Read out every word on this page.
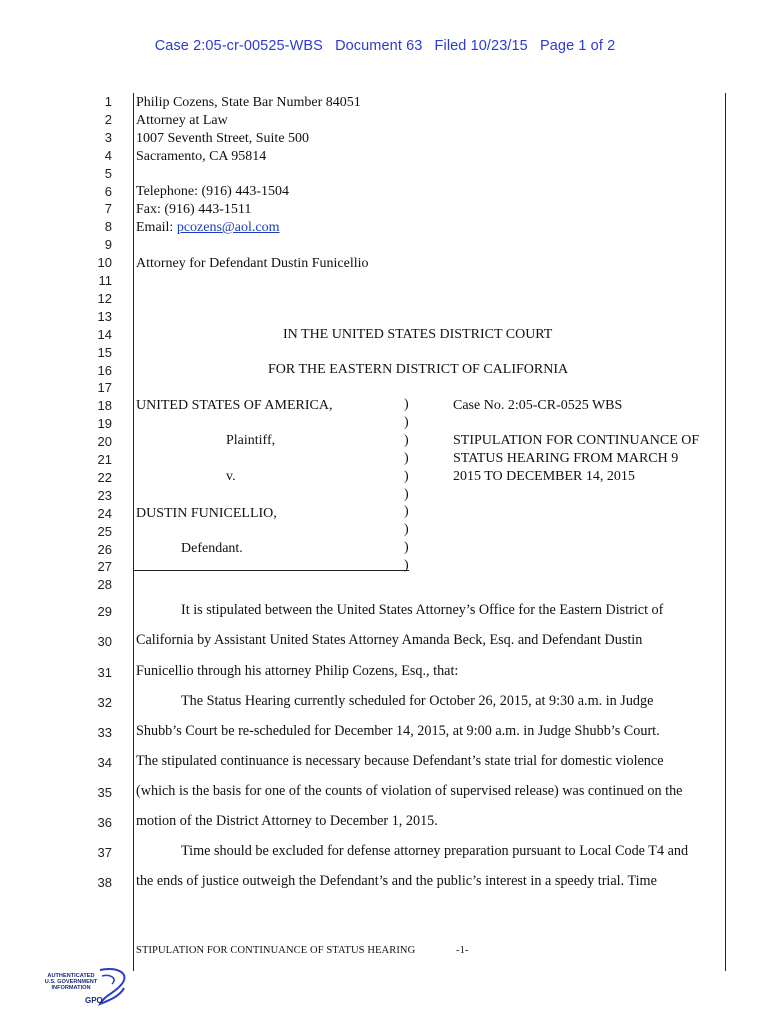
Case 2:05-cr-00525-WBS Document 63 Filed 10/23/15 Page 1 of 2
1
2
3
4
5
6
7
8
9
10
11
12
13
14
15
16
17
18
19
20
21
22
23
24
25
26
27
28
29
30
31
32
33
34
35
36
37
38
Philip Cozens, State Bar Number 84051
Attorney at Law
1007 Seventh Street, Suite 500
Sacramento, CA 95814
Telephone: (916) 443-1504
Fax: (916) 443-1511
Email: pcozens@aol.com
Attorney for Defendant Dustin Funicellio
IN THE UNITED STATES DISTRICT COURT
FOR THE EASTERN DISTRICT OF CALIFORNIA
UNITED STATES OF AMERICA,
Plaintiff,
v.
DUSTIN FUNICELLIO,
Defendant.
)
)
)
)
)
)
)
)
)
)
Case No. 2:05-CR-0525 WBS
STIPULATION FOR CONTINUANCE OF
STATUS HEARING FROM MARCH 9
2015 TO DECEMBER 14, 2015
It is stipulated between the United States Attorney’s Office for the Eastern District of
California by Assistant United States Attorney Amanda Beck, Esq. and Defendant Dustin
Funicellio through his attorney Philip Cozens, Esq., that:
The Status Hearing currently scheduled for October 26, 2015, at 9:30 a.m. in Judge
Shubb’s Court be re-scheduled for December 14, 2015, at 9:00 a.m. in Judge Shubb’s Court.
The stipulated continuance is necessary because Defendant’s state trial for domestic violence
(which is the basis for one of the counts of violation of supervised release) was continued on the
motion of the District Attorney to December 1, 2015.
Time should be excluded for defense attorney preparation pursuant to Local Code T4 and
the ends of justice outweigh the Defendant’s and the public’s interest in a speedy trial. Time
STIPULATION FOR CONTINUANCE OF STATUS HEARING	-1-
AUTHENTICATED
U.S. GOVERNMENT
INFORMATION
GPO
